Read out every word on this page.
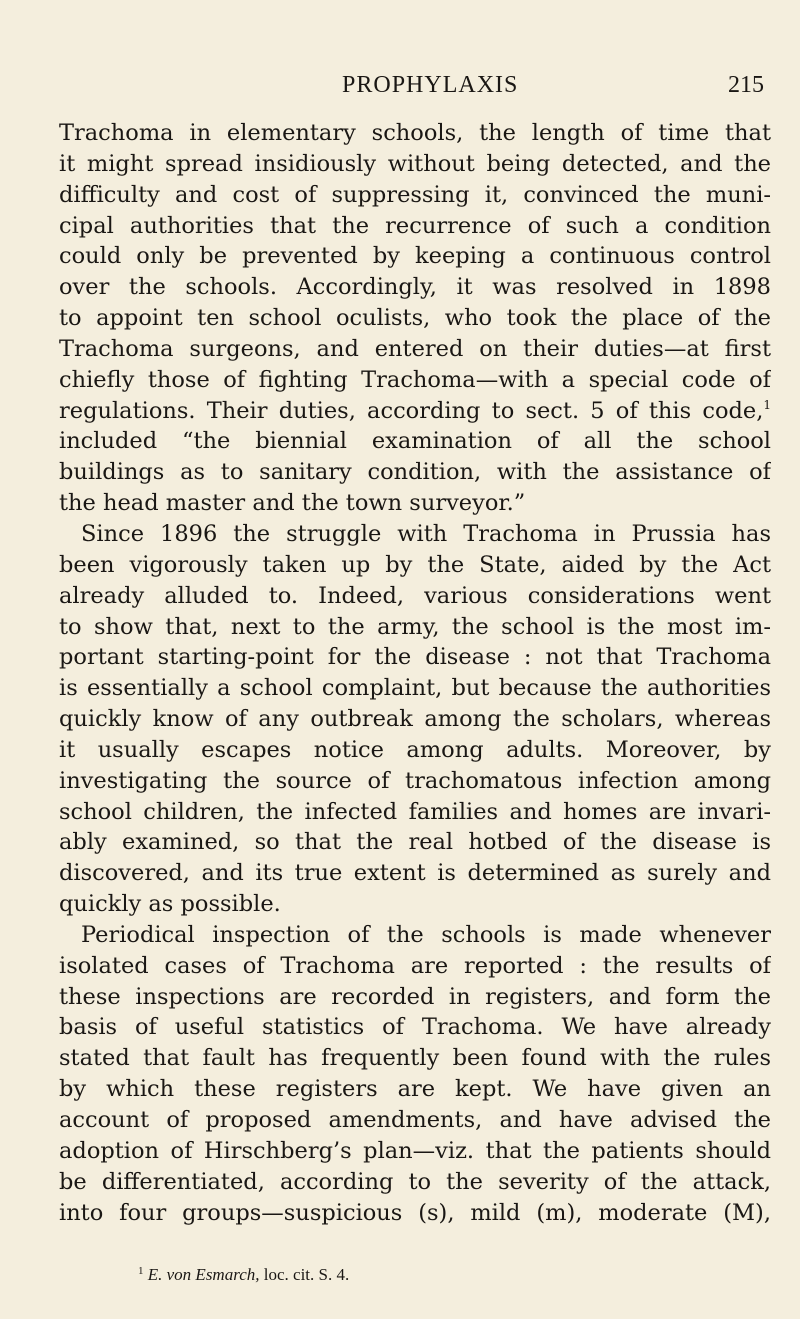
PROPHYLAXIS	215
Trachoma in elementary schools, the length of time that
it might spread insidiously without being detected, and the
difficulty and cost of suppressing it, convinced the muni-
cipal authorities that the recurrence of such a condition
could only be prevented by keeping a continuous control
over the schools. Accordingly, it was resolved in 1898
to appoint ten school oculists, who took the place of the
Trachoma surgeons, and entered on their duties—at first
chiefly those of fighting Trachoma—with a special code of
regulations. Their duties, according to sect. 5 of this code,$^1$
included “the biennial examination of all the school
buildings as to sanitary condition, with the assistance of
the head master and the town surveyor.”
Since 1896 the struggle with Trachoma in Prussia has
been vigorously taken up by the State, aided by the Act
already alluded to. Indeed, various considerations went
to show that, next to the army, the school is the most im-
portant starting-point for the disease : not that Trachoma
is essentially a school complaint, but because the authorities
quickly know of any outbreak among the scholars, whereas
it usually escapes notice among adults. Moreover, by
investigating the source of trachomatous infection among
school children, the infected families and homes are invari-
ably examined, so that the real hotbed of the disease is
discovered, and its true extent is determined as surely and
quickly as possible.
Periodical inspection of the schools is made whenever
isolated cases of Trachoma are reported : the results of
these inspections are recorded in registers, and form the
basis of useful statistics of Trachoma. We have already
stated that fault has frequently been found with the rules
by which these registers are kept. We have given an
account of proposed amendments, and have advised the
adoption of Hirschberg’s plan—viz. that the patients should
be differentiated, according to the severity of the attack,
into four groups—suspicious (s), mild (m), moderate (M),
$^1$ E. von Esmarch, loc. cit. S. 4.
